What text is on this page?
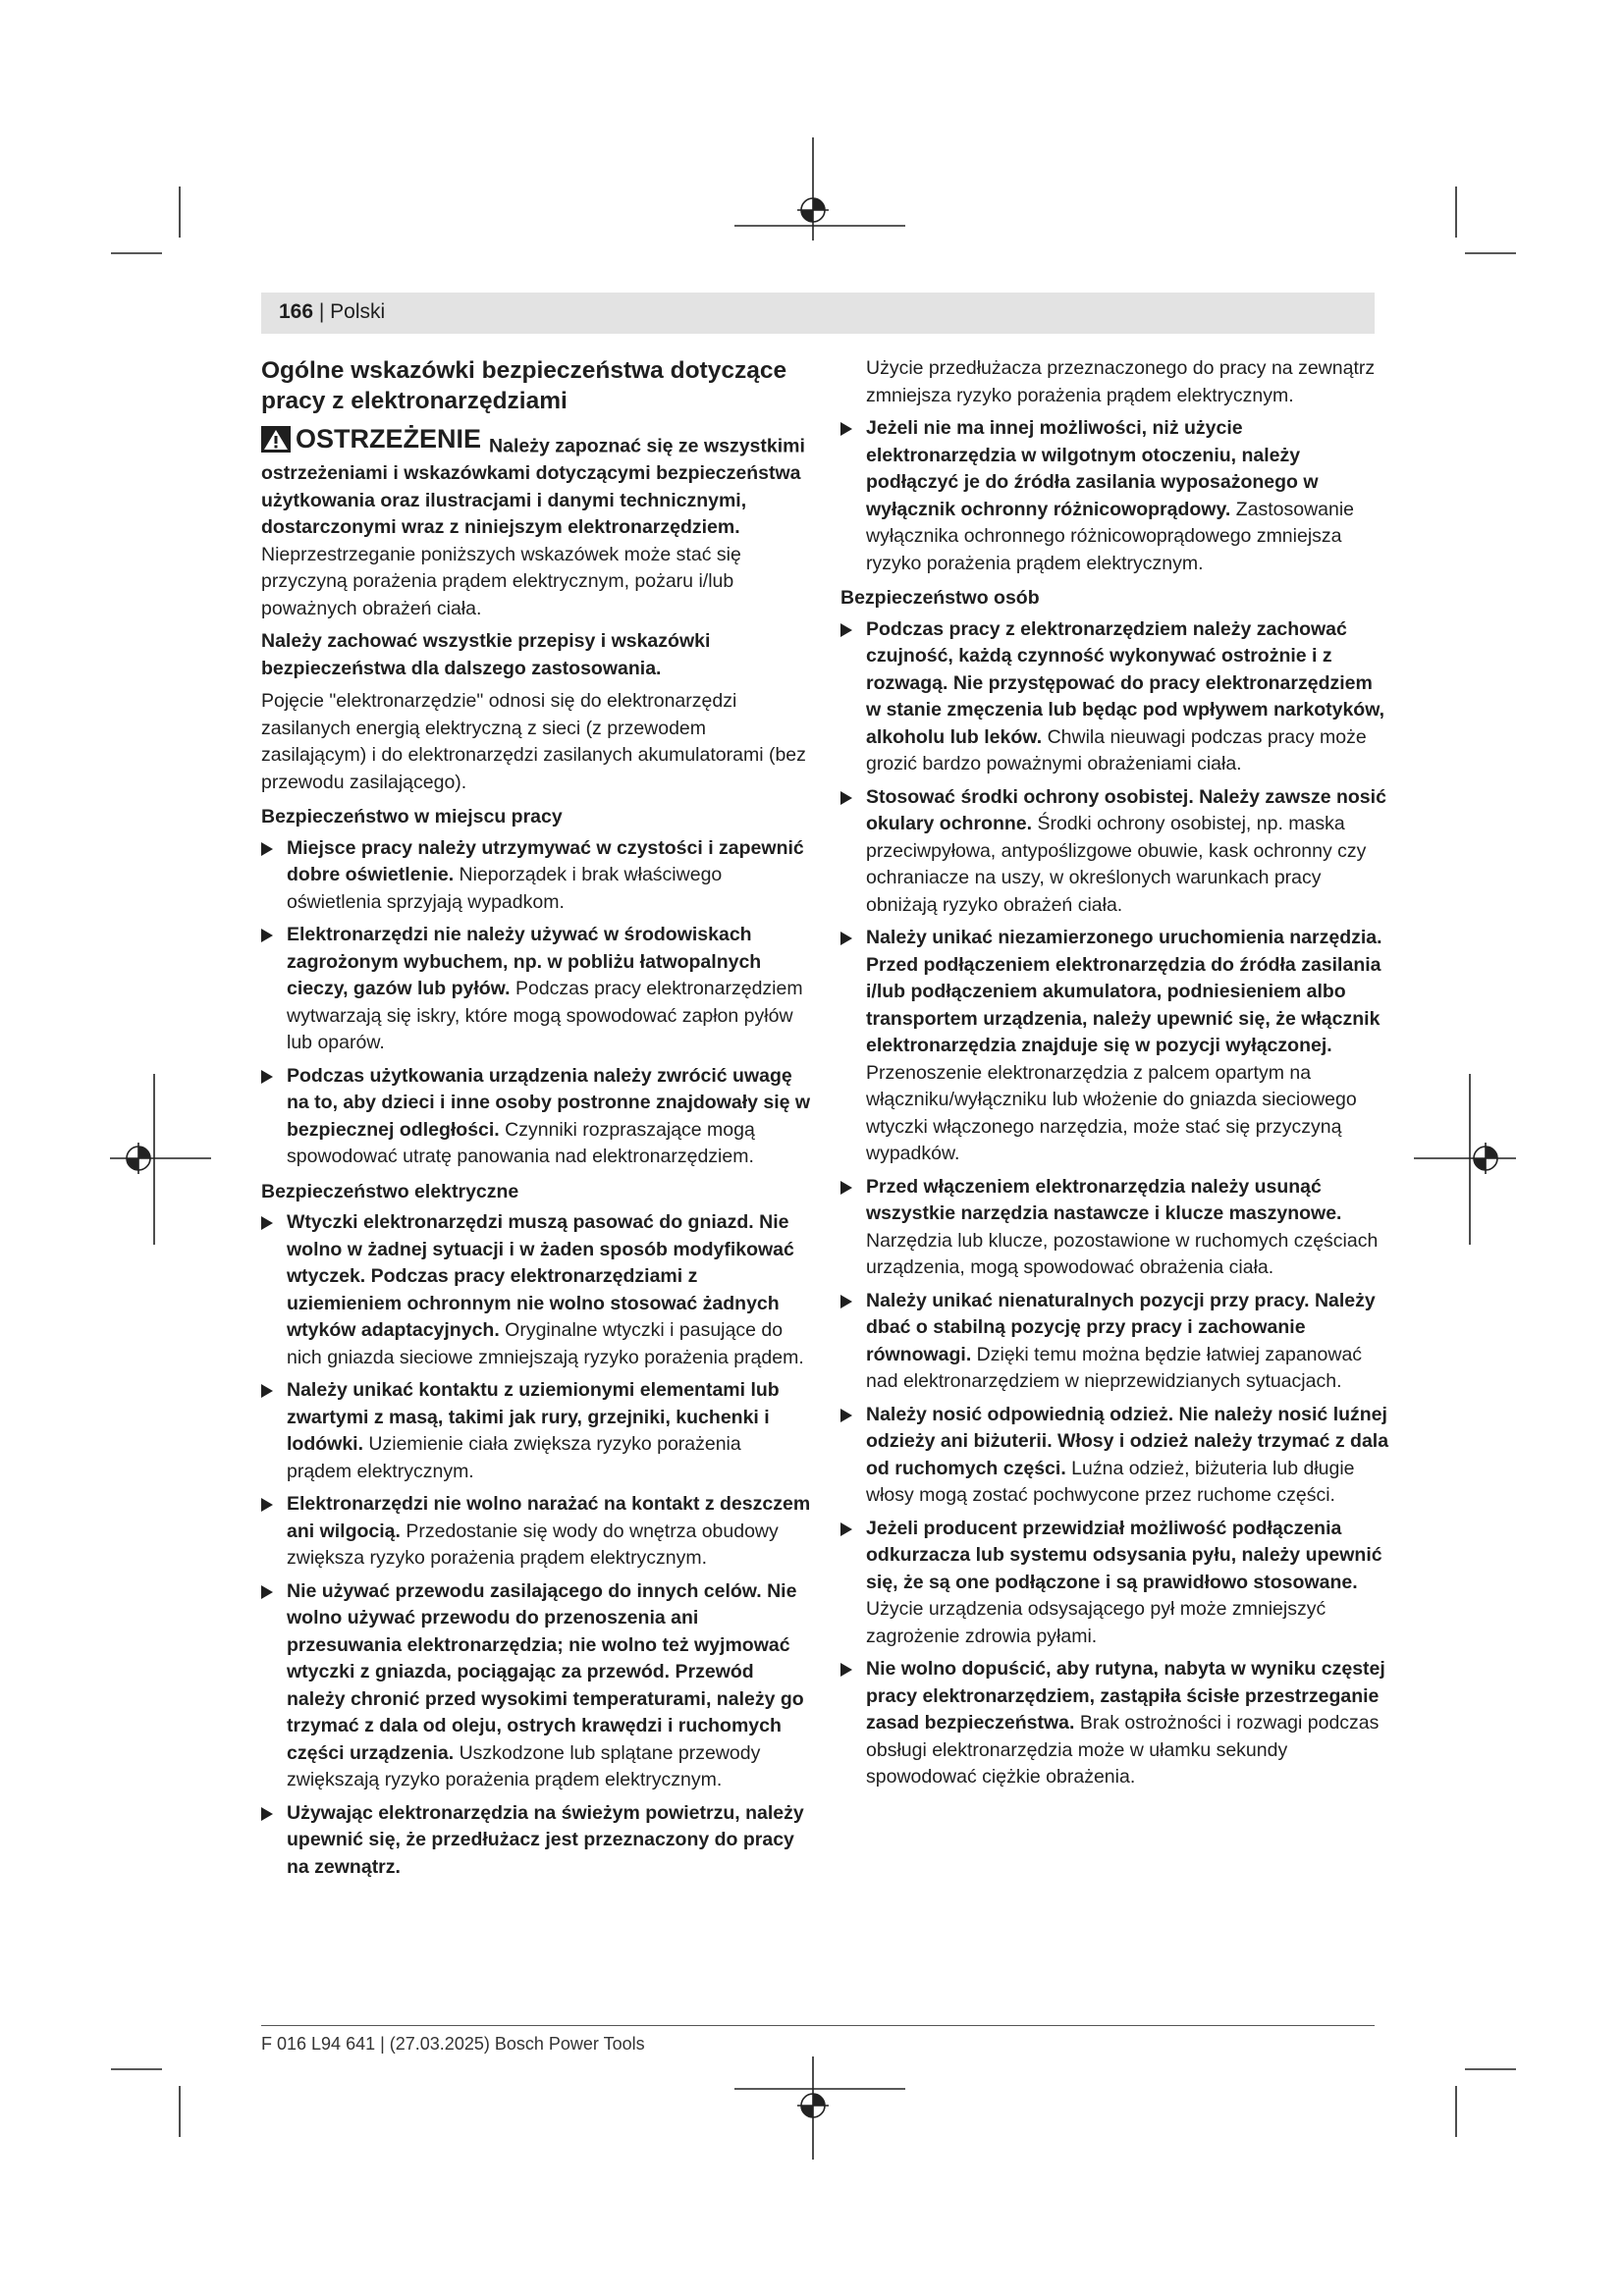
166 | Polski
Ogólne wskazówki bezpieczeństwa dotyczące pracy z elektronarzędziami
OSTRZEŻENIE Należy zapoznać się ze wszystkimi ostrzeżeniami i wskazówkami dotyczącymi bezpieczeństwa użytkowania oraz ilustracjami i danymi technicznymi, dostarczonymi wraz z niniejszym elektronarzędziem. Nieprzestrzeganie poniższych wskazówek może stać się przyczyną porażenia prądem elektrycznym, pożaru i/lub poważnych obrażeń ciała.

Należy zachować wszystkie przepisy i wskazówki bezpieczeństwa dla dalszego zastosowania.

Pojęcie "elektronarzędzie" odnosi się do elektronarzędzi zasilanych energią elektryczną z sieci (z przewodem zasilającym) i do elektronarzędzi zasilanych akumulatorami (bez przewodu zasilającego).

Bezpieczeństwo w miejscu pracy
Miejsce pracy należy utrzymywać w czystości i zapewnić dobre oświetlenie. Nieporządek i brak właściwego oświetlenia sprzyjają wypadkom.
Elektronarzędzi nie należy używać w środowiskach zagrożonym wybuchem, np. w pobliżu łatwopalnych cieczy, gazów lub pyłów. Podczas pracy elektronarzędziem wytwarzają się iskry, które mogą spowodować zapłon pyłów lub oparów.
Podczas użytkowania urządzenia należy zwrócić uwagę na to, aby dzieci i inne osoby postronne znajdowały się w bezpiecznej odległości. Czynniki rozpraszające mogą spowodować utratę panowania nad elektronarzędziem.
Bezpieczeństwo elektryczne
Wtyczki elektronarzędzi muszą pasować do gniazd. Nie wolno w żadnej sytuacji i w żaden sposób modyfikować wtyczek. Podczas pracy elektronarzędziami z uziemieniem ochronnym nie wolno stosować żadnych wtyków adaptacyjnych. Oryginalne wtyczki i pasujące do nich gniazda sieciowe zmniejszają ryzyko porażenia prądem.
Należy unikać kontaktu z uziemionymi elementami lub zwartymi z masą, takimi jak rury, grzejniki, kuchenki i lodówki. Uziemienie ciała zwiększa ryzyko porażenia prądem elektrycznym.
Elektronarzędzi nie wolno narażać na kontakt z deszczem ani wilgocią. Przedostanie się wody do wnętrza obudowy zwiększa ryzyko porażenia prądem elektrycznym.
Nie używać przewodu zasilającego do innych celów. Nie wolno używać przewodu do przenoszenia ani przesuwania elektronarzędzia; nie wolno też wyjmować wtyczki z gniazda, pociągając za przewód. Przewód należy chronić przed wysokimi temperaturami, należy go trzymać z dala od oleju, ostrych krawędzi i ruchomych części urządzenia. Uszkodzone lub splątane przewody zwiększają ryzyko porażenia prądem elektrycznym.
Używając elektronarzędzia na świeżym powietrzu, należy upewnić się, że przedłużacz jest przeznaczony do pracy na zewnątrz.
Użycie przedłużacza przeznaczonego do pracy na zewnątrz zmniejsza ryzyko porażenia prądem elektrycznym.
Jeżeli nie ma innej możliwości, niż użycie elektronarzędzia w wilgotnym otoczeniu, należy podłączyć je do źródła zasilania wyposażonego w wyłącznik ochronny różnicowoprądowy. Zastosowanie wyłącznika ochronnego różnicowoprądowego zmniejsza ryzyko porażenia prądem elektrycznym.
Bezpieczeństwo osób
Podczas pracy z elektronarzędziem należy zachować czujność, każdą czynność wykonywać ostrożnie i z rozwagą. Nie przystępować do pracy elektronarzędziem w stanie zmęczenia lub będąc pod wpływem narkotyków, alkoholu lub leków. Chwila nieuwagi podczas pracy może grozić bardzo poważnymi obrażeniami ciała.
Stosować środki ochrony osobistej. Należy zawsze nosić okulary ochronne. Środki ochrony osobistej, np. maska przeciwpyłowa, antypoślizgowe obuwie, kask ochronny czy ochraniacze na uszy, w określonych warunkach pracy obniżają ryzyko obrażeń ciała.
Należy unikać niezamierzonego uruchomienia narzędzia. Przed podłączeniem elektronarzędzia do źródła zasilania i/lub podłączeniem akumulatora, podniesieniem albo transportem urządzenia, należy upewnić się, że włącznik elektronarzędzia znajduje się w pozycji wyłączonej. Przenoszenie elektronarzędzia z palcem opartym na włączniku/wyłączniku lub włożenie do gniazda sieciowego wtyczki włączonego narzędzia, może stać się przyczyną wypadków.
Przed włączeniem elektronarzędzia należy usunąć wszystkie narzędzia nastawcze i klucze maszynowe. Narzędzia lub klucze, pozostawione w ruchomych częściach urządzenia, mogą spowodować obrażenia ciała.
Należy unikać nienaturalnych pozycji przy pracy. Należy dbać o stabilną pozycję przy pracy i zachowanie równowagi. Dzięki temu można będzie łatwiej zapanować nad elektronarzędziem w nieprzewidzianych sytuacjach.
Należy nosić odpowiednią odzież. Nie należy nosić luźnej odzieży ani biżuterii. Włosy i odzież należy trzymać z dala od ruchomych części. Luźna odzież, biżuteria lub długie włosy mogą zostać pochwycone przez ruchome części.
Jeżeli producent przewidział możliwość podłączenia odkurzacza lub systemu odsysania pyłu, należy upewnić się, że są one podłączone i są prawidłowo stosowane. Użycie urządzenia odsysającego pył może zmniejszyć zagrożenie zdrowia pyłami.
Nie wolno dopuścić, aby rutyna, nabyta w wyniku częstej pracy elektronarzędziem, zastąpiła ścisłe przestrzeganie zasad bezpieczeństwa. Brak ostrożności i rozwagi podczas obsługi elektronarzędzia może w ułamku sekundy spowodować ciężkie obrażenia.
F 016 L94 641 | (27.03.2025) Bosch Power Tools
